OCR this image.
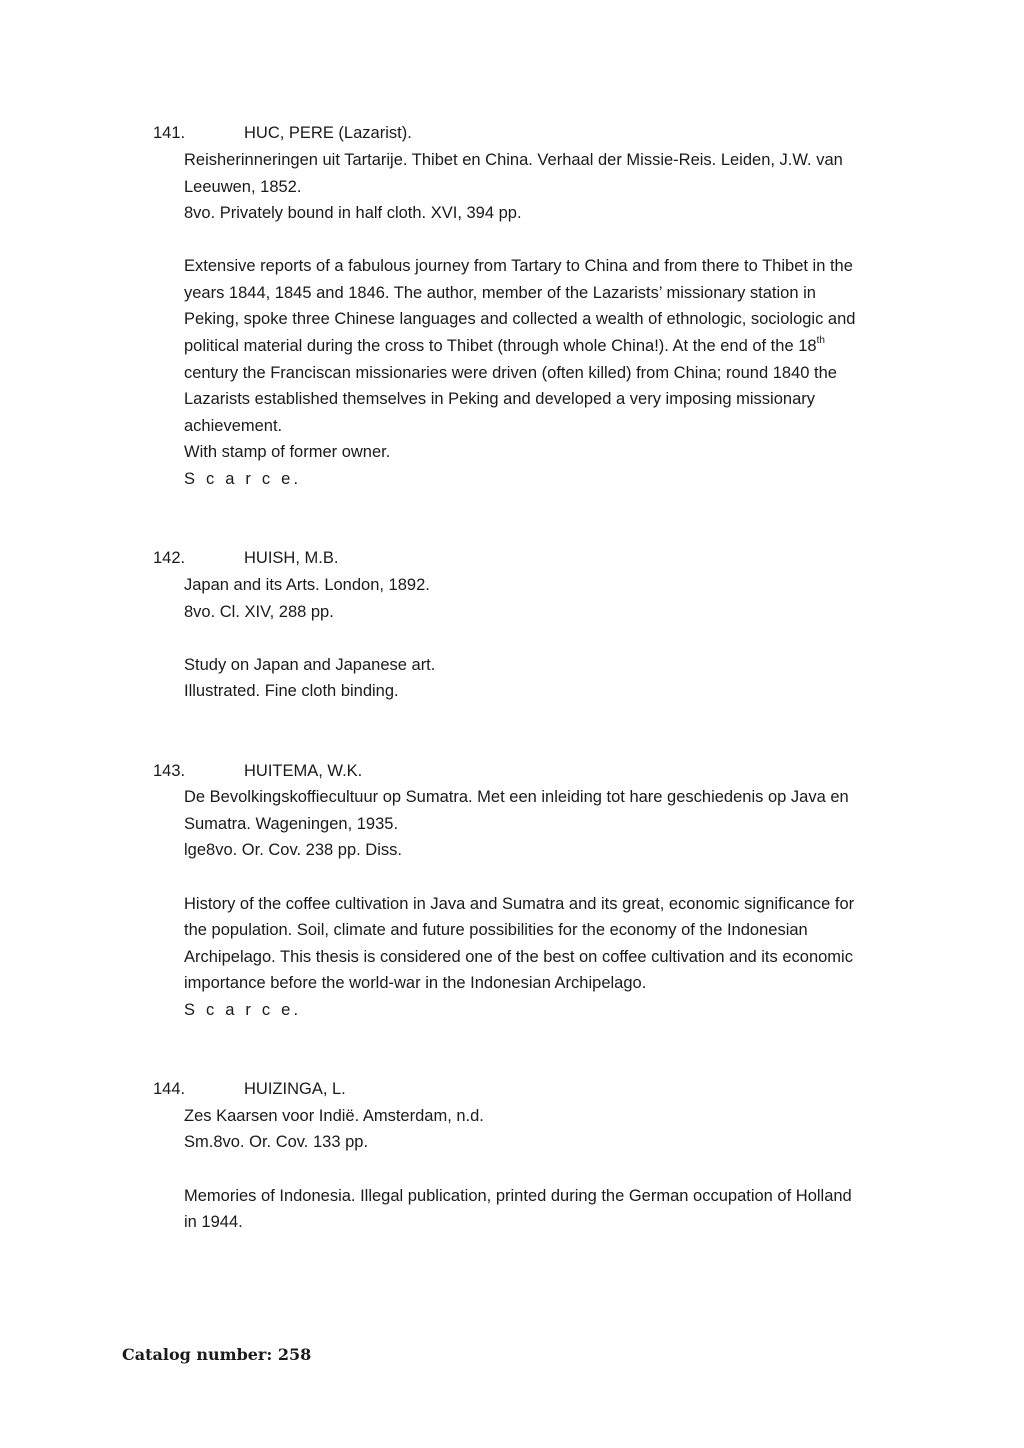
141.	HUC, PERE (Lazarist).
Reisherinneringen uit Tartarije. Thibet en China. Verhaal der Missie-Reis. Leiden, J.W. van
Leeuwen, 1852.
8vo. Privately bound in half cloth. XVI, 394 pp.
Extensive reports of a fabulous journey from Tartary to China and from there to Thibet in the
years 1844, 1845 and 1846. The author, member of the Lazarists’ missionary station in
Peking, spoke three Chinese languages and collected a wealth of ethnologic, sociologic and
political material during the cross to Thibet (through whole China!). At the end of the 18th
century the Franciscan missionaries were driven (often killed) from China; round 1840 the
Lazarists established themselves in Peking and developed a very imposing missionary
achievement.
With stamp of former owner.
S c a r c e.
142.	HUISH, M.B.
Japan and its Arts. London, 1892.
8vo. Cl. XIV, 288 pp.
Study on Japan and Japanese art.
Illustrated. Fine cloth binding.
143.	HUITEMA, W.K.
De Bevolkingskoffiecultuur op Sumatra. Met een inleiding tot hare geschiedenis op Java en
Sumatra. Wageningen, 1935.
lge8vo. Or. Cov. 238 pp. Diss.
History of the coffee cultivation in Java and Sumatra and its great, economic significance for
the population. Soil, climate and future possibilities for the economy of the Indonesian
Archipelago. This thesis is considered one of the best on coffee cultivation and its economic
importance before the world-war in the Indonesian Archipelago.
S c a r c e.
144.	HUIZINGA, L.
Zes Kaarsen voor Indië. Amsterdam, n.d.
Sm.8vo. Or. Cov. 133 pp.
Memories of Indonesia. Illegal publication, printed during the German occupation of Holland
in 1944.
Catalog number: 258
